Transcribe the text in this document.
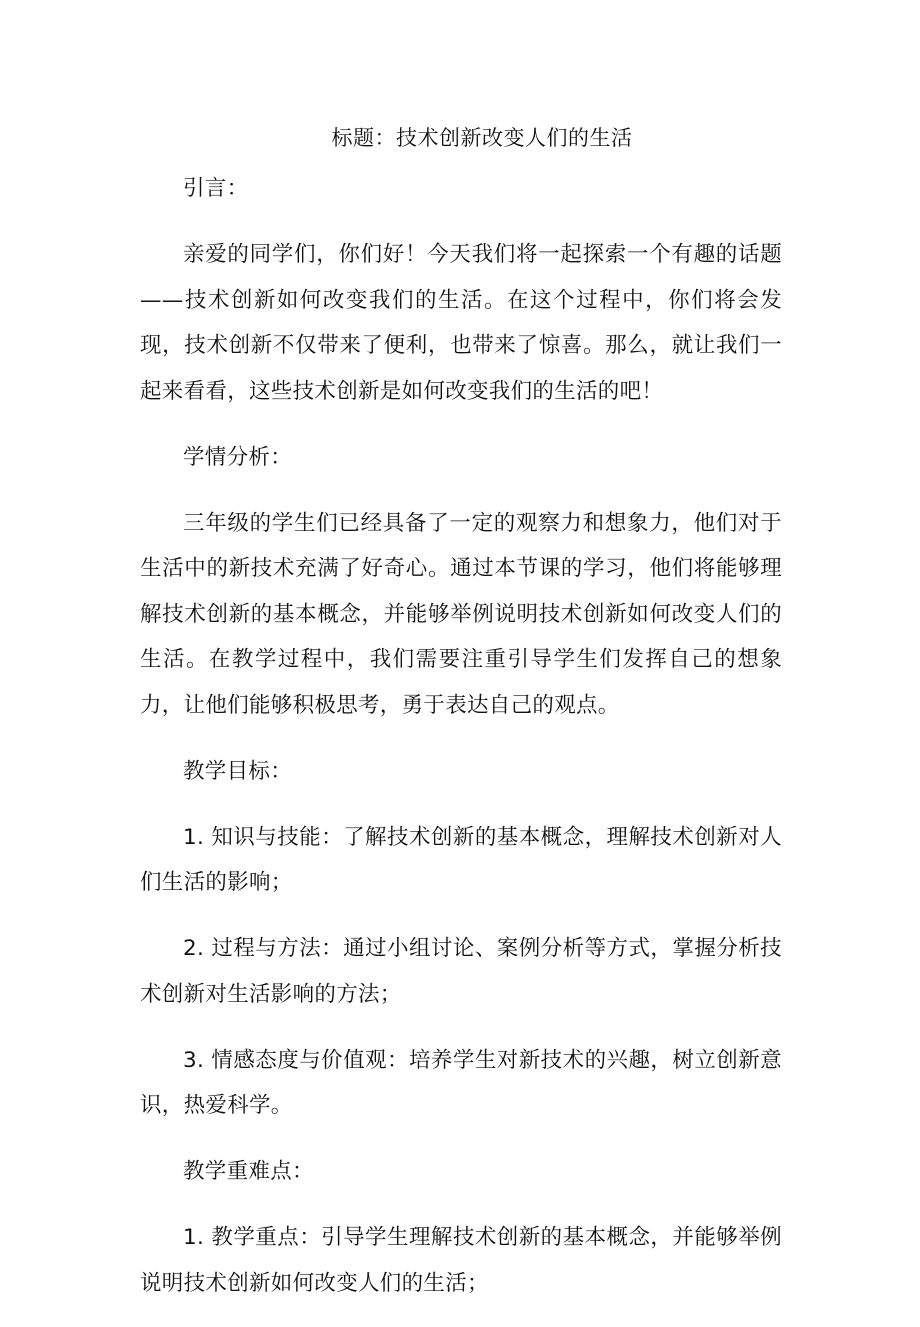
标题：技术创新改变人们的生活

引言：

亲爱的同学们，你们好！今天我们将一起探索一个有趣的话题——技术创新如何改变我们的生活。在这个过程中，你们将会发现，技术创新不仅带来了便利，也带来了惊喜。那么，就让我们一起来看看，这些技术创新是如何改变我们的生活的吧！

学情分析：

三年级的学生们已经具备了一定的观察力和想象力，他们对于生活中的新技术充满了好奇心。通过本节课的学习，他们将能够理解技术创新的基本概念，并能够举例说明技术创新如何改变人们的生活。在教学过程中，我们需要注重引导学生们发挥自己的想象力，让他们能够积极思考，勇于表达自己的观点。

教学目标：

1. 知识与技能：了解技术创新的基本概念，理解技术创新对人们生活的影响；

2. 过程与方法：通过小组讨论、案例分析等方式，掌握分析技术创新对生活影响的方法；

3. 情感态度与价值观：培养学生对新技术的兴趣，树立创新意识，热爱科学。

教学重难点：

1. 教学重点：引导学生理解技术创新的基本概念，并能够举例说明技术创新如何改变人们的生活；
